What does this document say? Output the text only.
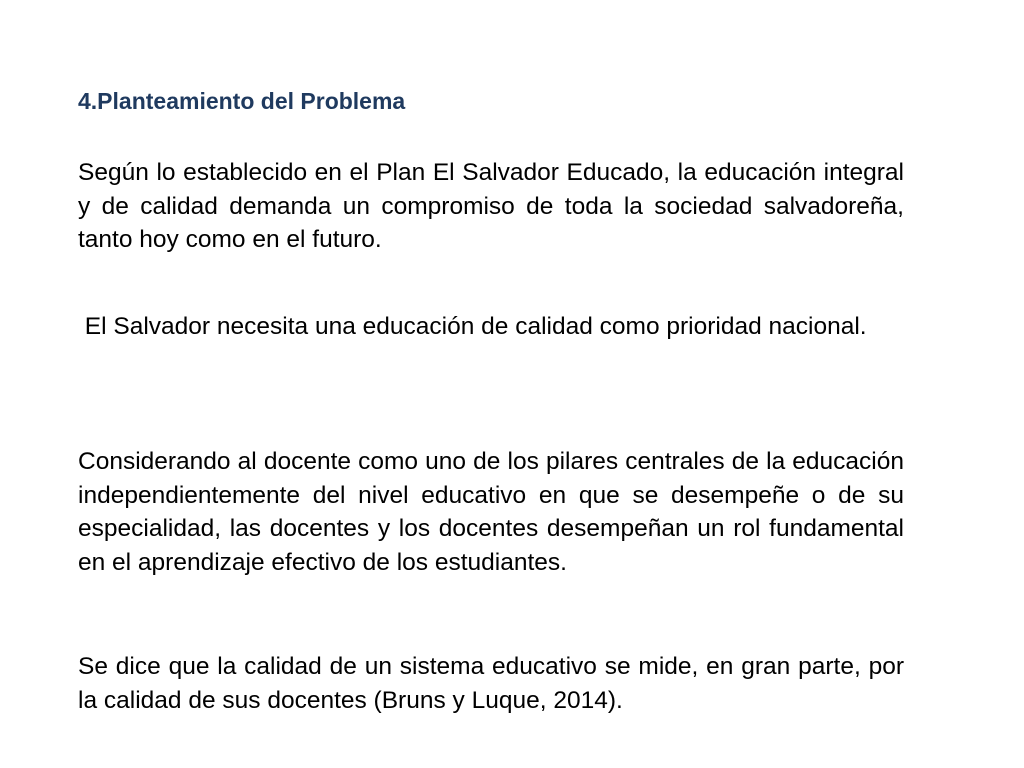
4.Planteamiento del Problema

Según lo establecido en el Plan El Salvador Educado, la educación integral y de calidad demanda un compromiso de toda la sociedad salvadoreña, tanto hoy como en el futuro.

El Salvador necesita una educación de calidad como prioridad nacional.

Considerando al docente como uno de los pilares centrales de la educación independientemente del nivel educativo en que se desempeñe o de su especialidad, las docentes y los docentes desempeñan un rol fundamental en el aprendizaje efectivo de los estudiantes.

Se dice que la calidad de un sistema educativo se mide, en gran parte, por la calidad de sus docentes (Bruns y Luque, 2014).
